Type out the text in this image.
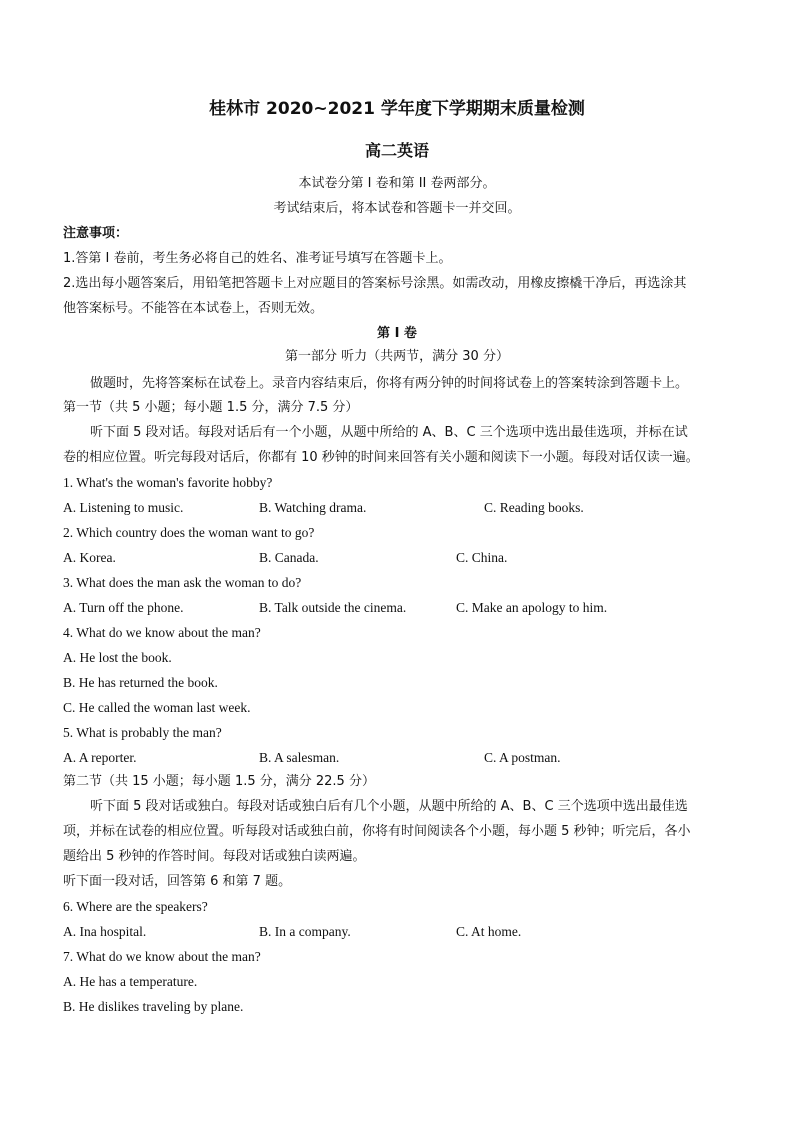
桂林市 2020~2021 学年度下学期期末质量检测
高二英语
本试卷分第 I 卷和第 II 卷两部分。
考试结束后，将本试卷和答题卡一并交回。
注意事项：
1.答第 I 卷前，考生务必将自己的姓名、准考证号填写在答题卡上。
2.选出每小题答案后，用铅笔把答题卡上对应题目的答案标号涂黑。如需改动，用橡皮擦橇干净后，再选涂其
他答案标号。不能答在本试卷上，否则无效。
第 I 卷
第一部分 听力（共两节，满分 30 分）
做题时，先将答案标在试卷上。录音内容结束后，你将有两分钟的时间将试卷上的答案转涂到答题卡上。
第一节（共 5 小题；每小题 1.5 分，满分 7.5 分）
听下面 5 段对话。每段对话后有一个小题，从题中所给的 A、B、C 三个选项中选出最佳选项，并标在试
卷的相应位置。听完每段对话后，你都有 10 秒钟的时间来回答有关小题和阅读下一小题。每段对话仅读一遍。
1. What's the woman's favorite hobby?
A. Listening to music.	B. Watching drama.	C. Reading books.
2. Which country does the woman want to go?
A. Korea.	B. Canada.	C. China.
3. What does the man ask the woman to do?
A. Turn off the phone.	B. Talk outside the cinema.	C. Make an apology to him.
4. What do we know about the man?
A. He lost the book.
B. He has returned the book.
C. He called the woman last week.
5. What is probably the man?
A. A reporter.	B. A salesman.	C. A postman.
第二节（共 15 小题；每小题 1.5 分，满分 22.5 分）
听下面 5 段对话或独白。每段对话或独白后有几个小题，从题中所给的 A、B、C 三个选项中选出最佳选
项，并标在试卷的相应位置。听每段对话或独白前，你将有时间阅读各个小题，每小题 5 秒钟；听完后，各小
题给出 5 秒钟的作答时间。每段对话或独白读两遍。
听下面一段对话，回答第 6 和第 7 题。
6. Where are the speakers?
A. Ina hospital.	B. In a company.	C. At home.
7. What do we know about the man?
A. He has a temperature.
B. He dislikes traveling by plane.
